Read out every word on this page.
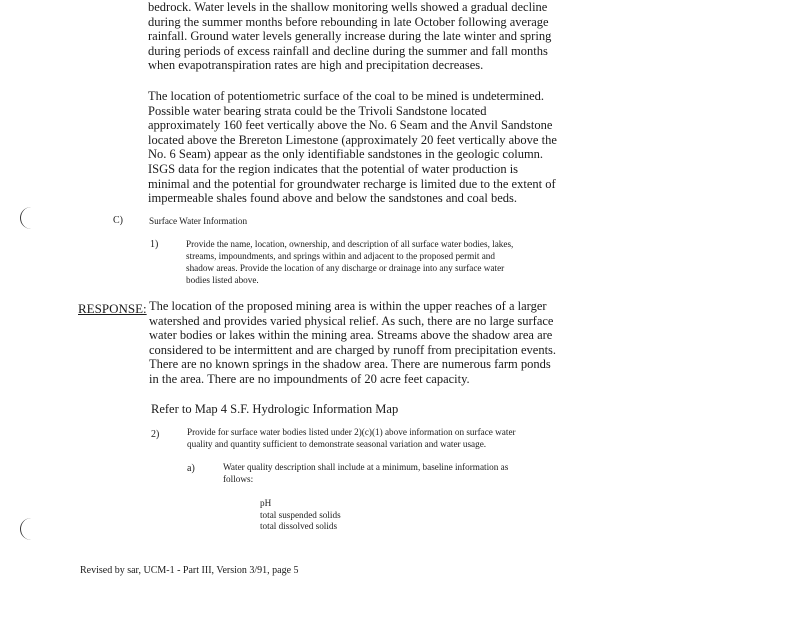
bedrock. Water levels in the shallow monitoring wells showed a gradual decline
during the summer months before rebounding in late October following average
rainfall. Ground water levels generally increase during the late winter and spring
during periods of excess rainfall and decline during the summer and fall months
when evapotranspiration rates are high and precipitation decreases.
The location of potentiometric surface of the coal to be mined is undetermined.
Possible water bearing strata could be the Trivoli Sandstone located
approximately 160 feet vertically above the No. 6 Seam and the Anvil Sandstone
located above the Brereton Limestone (approximately 20 feet vertically above the
No. 6 Seam) appear as the only identifiable sandstones in the geologic column.
ISGS data for the region indicates that the potential of water production is
minimal and the potential for groundwater recharge is limited due to the extent of
impermeable shales found above and below the sandstones and coal beds.
C)	Surface Water Information
1)	Provide the name, location, ownership, and description of all surface water bodies, lakes,
streams, impoundments, and springs within and adjacent to the proposed permit and
shadow areas. Provide the location of any discharge or drainage into any surface water
bodies listed above.
RESPONSE: The location of the proposed mining area is within the upper reaches of a larger
watershed and provides varied physical relief. As such, there are no large surface
water bodies or lakes within the mining area. Streams above the shadow area are
considered to be intermittent and are charged by runoff from precipitation events.
There are no known springs in the shadow area. There are numerous farm ponds
in the area. There are no impoundments of 20 acre feet capacity.
Refer to Map 4 S.F. Hydrologic Information Map
2)	Provide for surface water bodies listed under 2)(c)(1) above information on surface water
quality and quantity sufficient to demonstrate seasonal variation and water usage.
a)	Water quality description shall include at a minimum, baseline information as
follows:
pH
total suspended solids
total dissolved solids
Revised by sar, UCM-1 - Part III, Version 3/91, page 5
